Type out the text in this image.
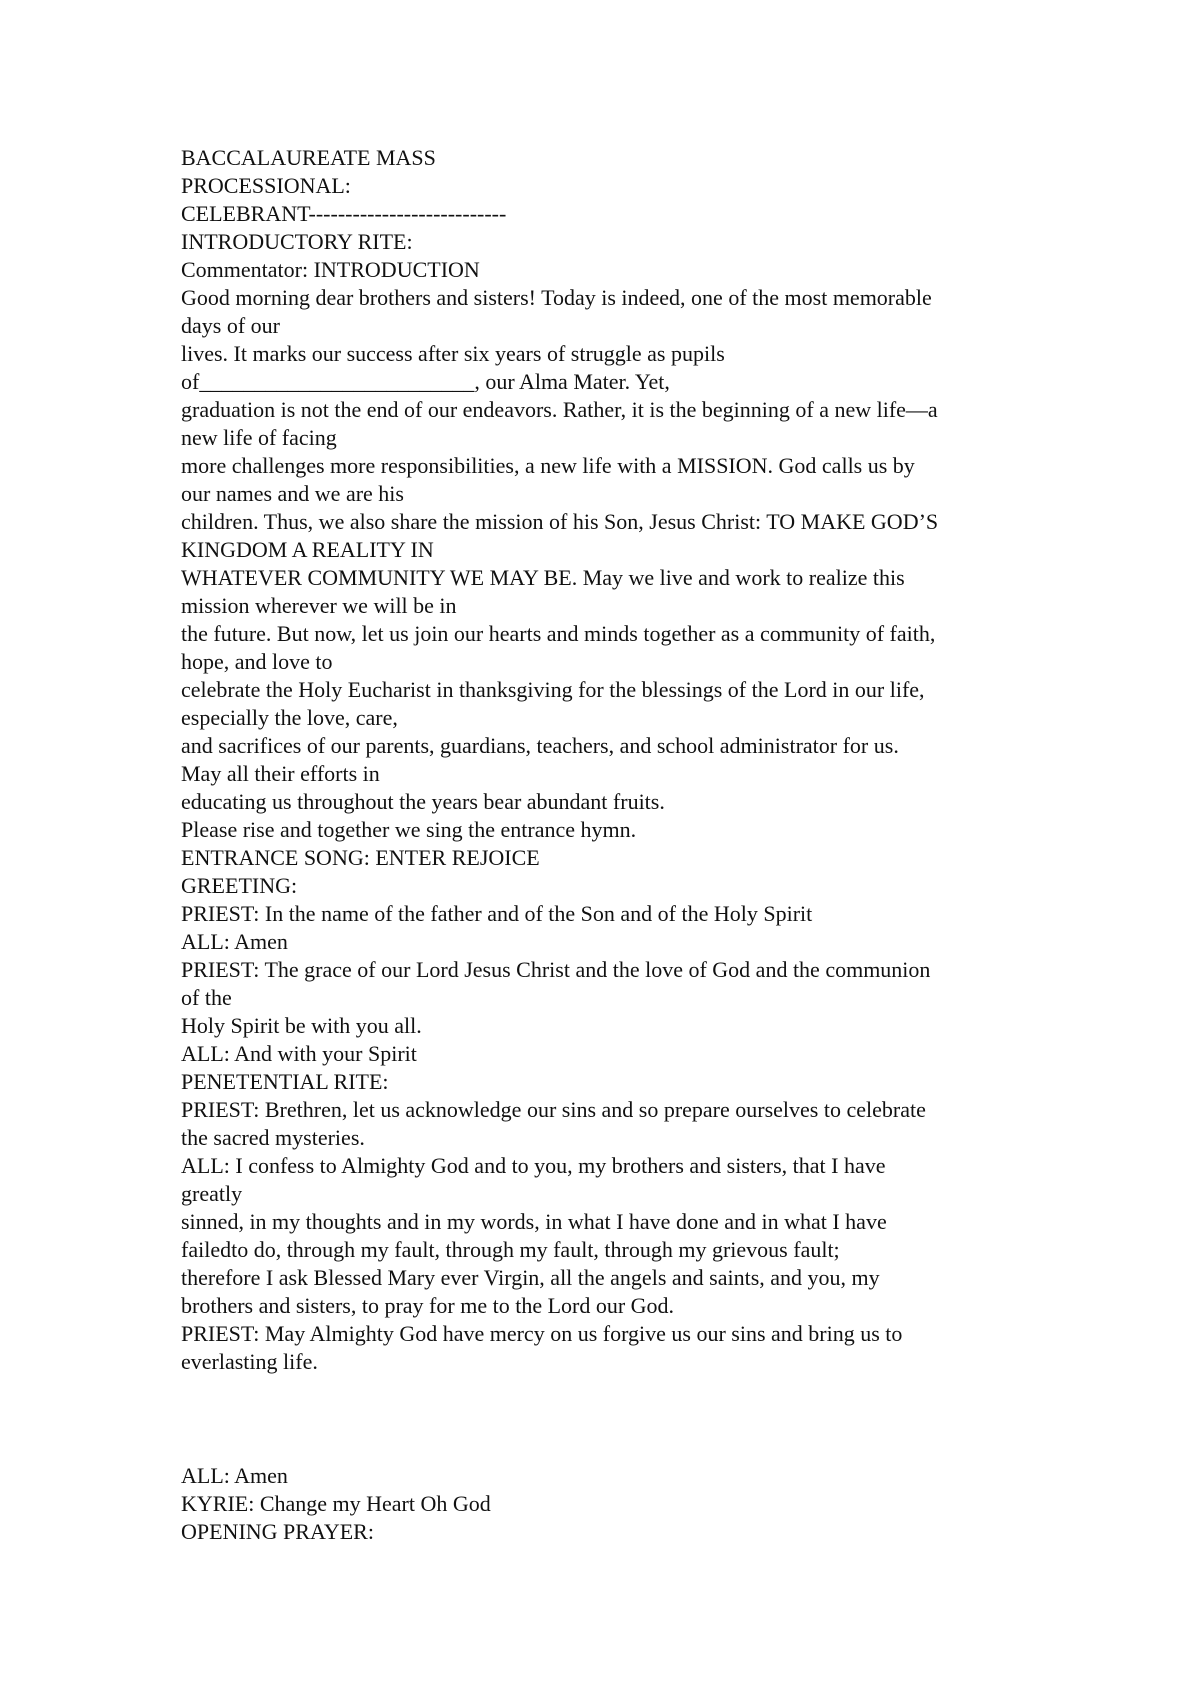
BACCALAUREATE MASS
PROCESSIONAL:
CELEBRANT---------------------------
INTRODUCTORY RITE:
Commentator: INTRODUCTION
Good morning dear brothers and sisters! Today is indeed, one of the most memorable
days of our
lives. It marks our success after six years of struggle as pupils
of_________________________, our Alma Mater. Yet,
graduation is not the end of our endeavors. Rather, it is the beginning of a new life—a
new life of facing
more challenges more responsibilities, a new life with a MISSION. God calls us by
our names and we are his
children. Thus, we also share the mission of his Son, Jesus Christ: TO MAKE GOD’S
KINGDOM A REALITY IN
WHATEVER COMMUNITY WE MAY BE. May we live and work to realize this
mission wherever we will be in
the future. But now, let us join our hearts and minds together as a community of faith,
hope, and love to
celebrate the Holy Eucharist in thanksgiving for the blessings of the Lord in our life,
especially the love, care,
and sacrifices of our parents, guardians, teachers, and school administrator for us.
May all their efforts in
educating us throughout the years bear abundant fruits.
Please rise and together we sing the entrance hymn.
ENTRANCE SONG: ENTER REJOICE
GREETING:
PRIEST: In the name of the father and of the Son and of the Holy Spirit
ALL: Amen
PRIEST: The grace of our Lord Jesus Christ and the love of God and the communion
of the
Holy Spirit be with you all.
ALL: And with your Spirit
PENETENTIAL RITE:
PRIEST: Brethren, let us acknowledge our sins and so prepare ourselves to celebrate
the sacred mysteries.
ALL: I confess to Almighty God and to you, my brothers and sisters, that I have
greatly
sinned, in my thoughts and in my words, in what I have done and in what I have
failedto do, through my fault, through my fault, through my grievous fault;
therefore I ask Blessed Mary ever Virgin, all the angels and saints, and you, my
brothers and sisters, to pray for me to the Lord our God.
PRIEST: May Almighty God have mercy on us forgive us our sins and bring us to
everlasting life.
ALL: Amen
KYRIE: Change my Heart Oh God
OPENING PRAYER:
